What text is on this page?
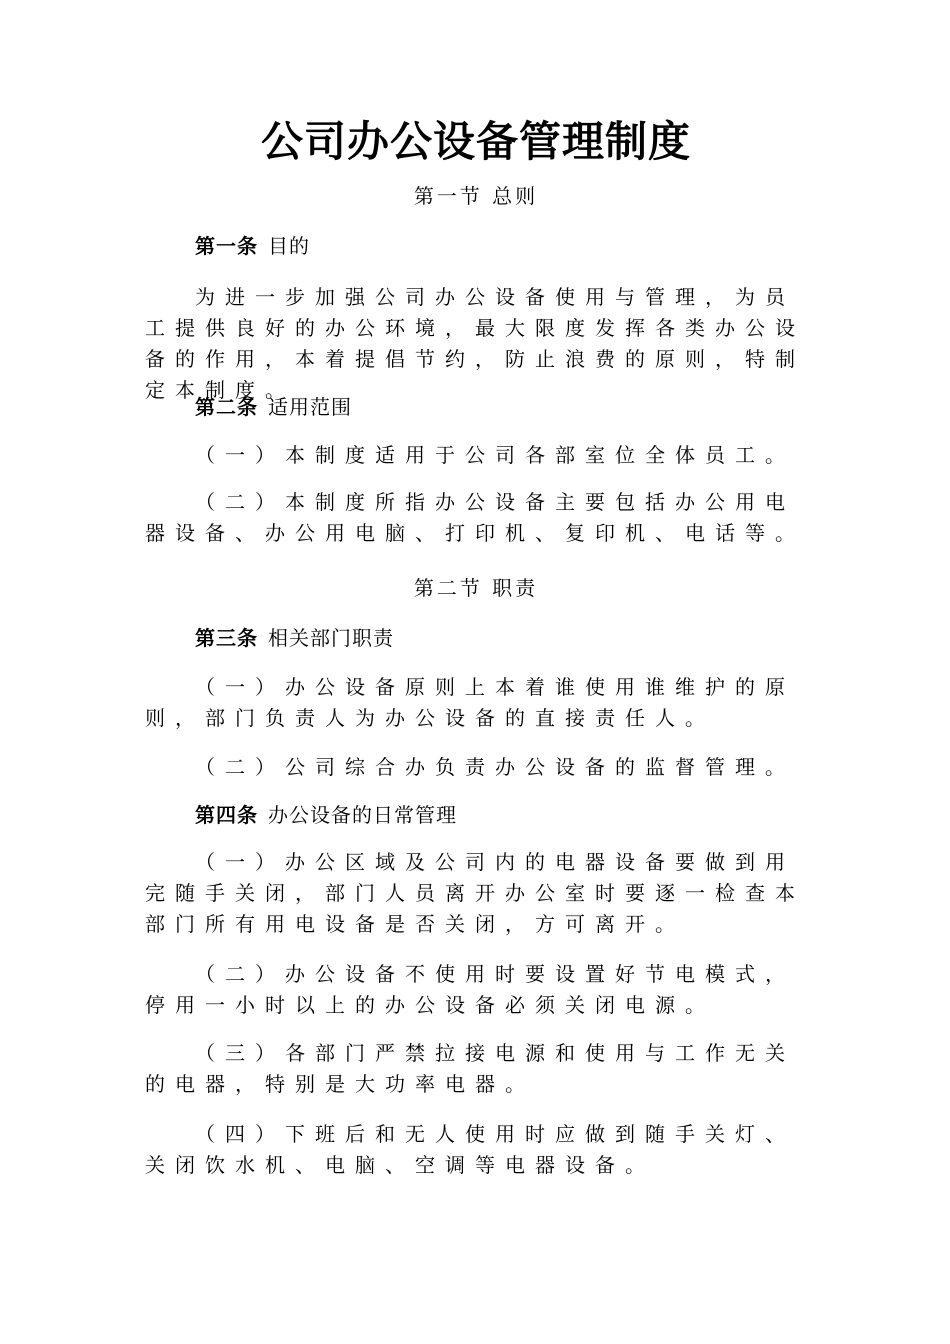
公司办公设备管理制度
第一节 总则
第一条 目的
为进一步加强公司办公设备使用与管理，为员工提供良好的办公环境，最大限度发挥各类办公设备的作用，本着提倡节约，防止浪费的原则，特制定本制度。
第二条 适用范围
（一）本制度适用于公司各部室位全体员工。
（二）本制度所指办公设备主要包括办公用电器设备、办公用电脑、打印机、复印机、电话等。
第二节 职责
第三条 相关部门职责
（一）办公设备原则上本着谁使用谁维护的原则，部门负责人为办公设备的直接责任人。
（二）公司综合办负责办公设备的监督管理。
第四条 办公设备的日常管理
（一）办公区域及公司内的电器设备要做到用完随手关闭，部门人员离开办公室时要逐一检查本部门所有用电设备是否关闭，方可离开。
（二）办公设备不使用时要设置好节电模式，停用一小时以上的办公设备必须关闭电源。
（三）各部门严禁拉接电源和使用与工作无关的电器，特别是大功率电器。
（四）下班后和无人使用时应做到随手关灯、关闭饮水机、电脑、空调等电器设备。
